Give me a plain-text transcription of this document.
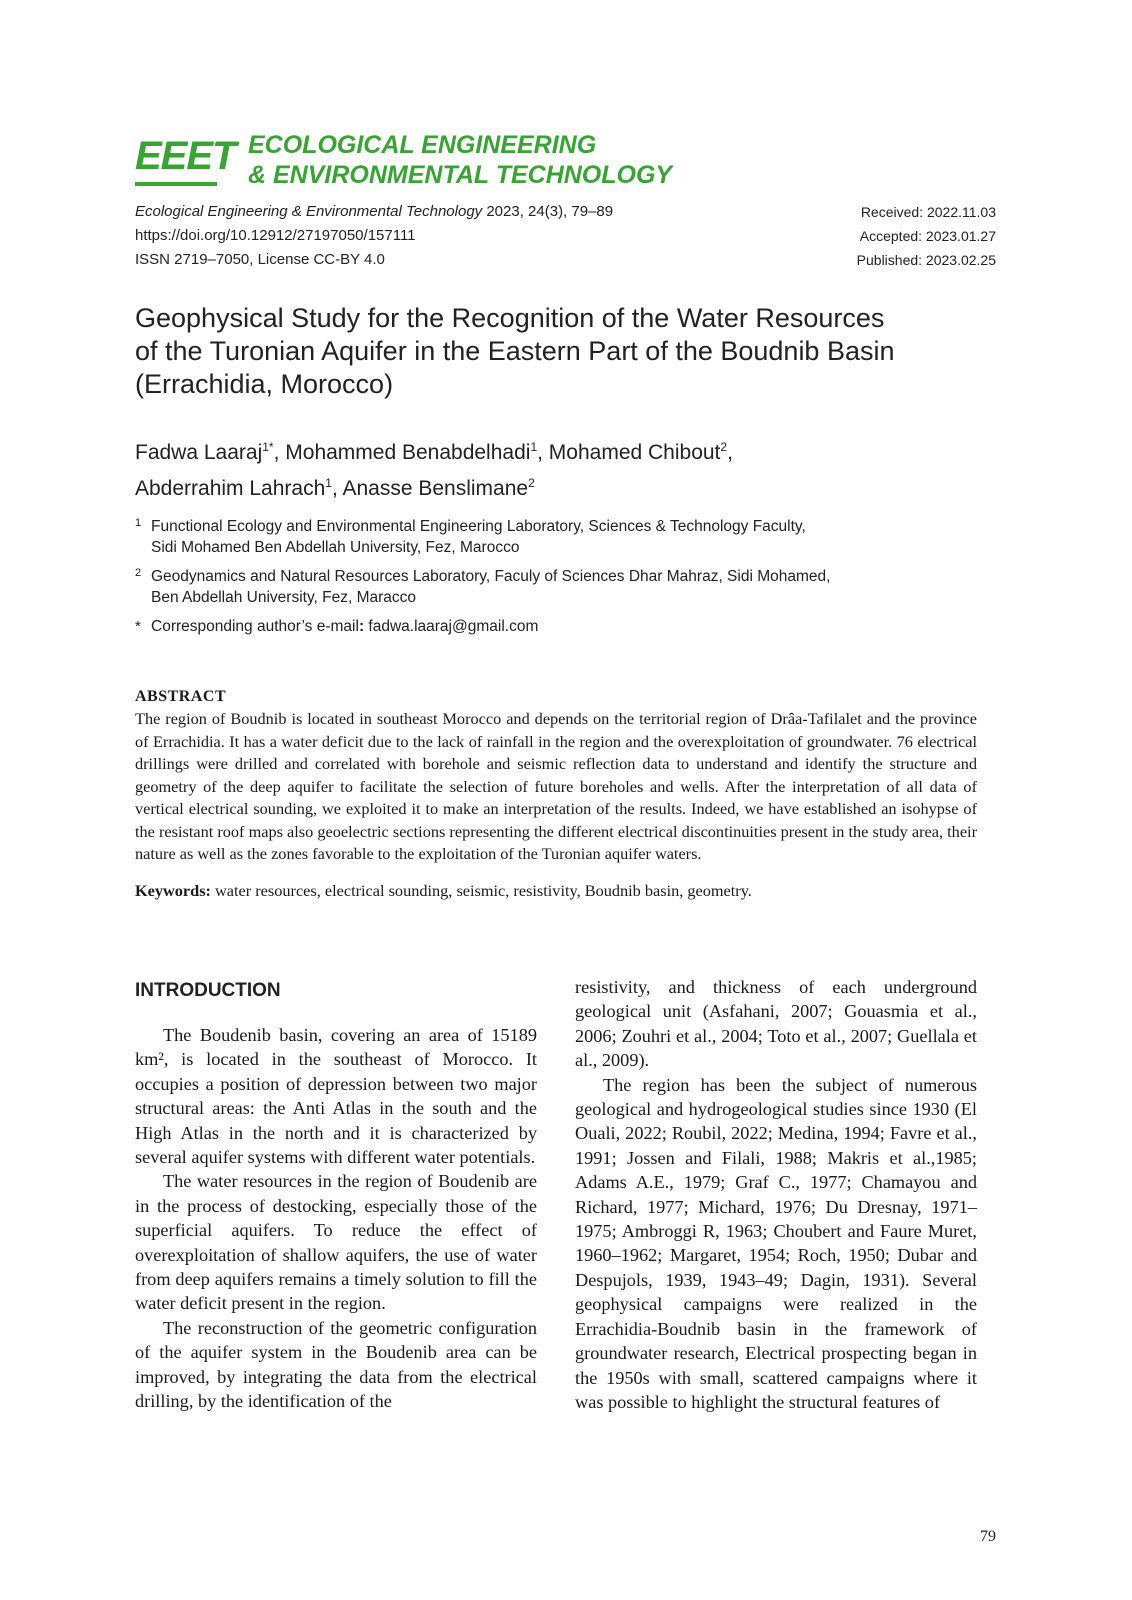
EEET ECOLOGICAL ENGINEERING
& ENVIRONMENTAL TECHNOLOGY
Ecological Engineering & Environmental Technology 2023, 24(3), 79–89
https://doi.org/10.12912/27197050/157111
ISSN 2719–7050, License CC-BY 4.0
Received: 2022.11.03
Accepted: 2023.01.27
Published: 2023.02.25
Geophysical Study for the Recognition of the Water Resources
of the Turonian Aquifer in the Eastern Part of the Boudnib Basin
(Errachidia, Morocco)
Fadwa Laaraj$^{1*}$, Mohammed Benabdelhadi$^1$, Mohamed Chibout$^2$,
Abderrahim Lahrach$^1$, Anasse Benslimane$^2$
1 Functional Ecology and Environmental Engineering Laboratory, Sciences & Technology Faculty,
Sidi Mohamed Ben Abdellah University, Fez, Marocco
2 Geodynamics and Natural Resources Laboratory, Faculy of Sciences Dhar Mahraz, Sidi Mohamed,
Ben Abdellah University, Fez, Maracco
* Corresponding author’s e-mail: fadwa.laaraj@gmail.com
ABSTRACT
The region of Boudnib is located in southeast Morocco and depends on the territorial region of Drâa-Tafilalet and the province of Errachidia. It has a water deficit due to the lack of rainfall in the region and the overexploitation of groundwater. 76 electrical drillings were drilled and correlated with borehole and seismic reflection data to understand and identify the structure and geometry of the deep aquifer to facilitate the selection of future boreholes and wells. After the interpretation of all data of vertical electrical sounding, we exploited it to make an interpretation of the results. Indeed, we have established an isohypse of the resistant roof maps also geoelectric sections representing the different electrical discontinuities present in the study area, their nature as well as the zones favorable to the exploitation of the Turonian aquifer waters.
Keywords: water resources, electrical sounding, seismic, resistivity, Boudnib basin, geometry.
INTRODUCTION

The Boudenib basin, covering an area of 15189 km², is located in the southeast of Morocco. It occupies a position of depression between two major structural areas: the Anti Atlas in the south and the High Atlas in the north and it is characterized by several aquifer systems with different water potentials.

The water resources in the region of Boudenib are in the process of destocking, especially those of the superficial aquifers. To reduce the effect of overexploitation of shallow aquifers, the use of water from deep aquifers remains a timely solution to fill the water deficit present in the region.

The reconstruction of the geometric configuration of the aquifer system in the Boudenib area can be improved, by integrating the data from the electrical drilling, by the identification of the

resistivity, and thickness of each underground geological unit (Asfahani, 2007; Gouasmia et al., 2006; Zouhri et al., 2004; Toto et al., 2007; Guellala et al., 2009).

The region has been the subject of numerous geological and hydrogeological studies since 1930 (El Ouali, 2022; Roubil, 2022; Medina, 1994; Favre et al., 1991; Jossen and Filali, 1988; Makris et al.,1985; Adams A.E., 1979; Graf C., 1977; Chamayou and Richard, 1977; Michard, 1976; Du Dresnay, 1971–1975; Ambroggi R, 1963; Choubert and Faure Muret, 1960–1962; Margaret, 1954; Roch, 1950; Dubar and Despujols, 1939, 1943–49; Dagin, 1931). Several geophysical campaigns were realized in the Errachidia-Boudnib basin in the framework of groundwater research, Electrical prospecting began in the 1950s with small, scattered campaigns where it was possible to highlight the structural features of

79
